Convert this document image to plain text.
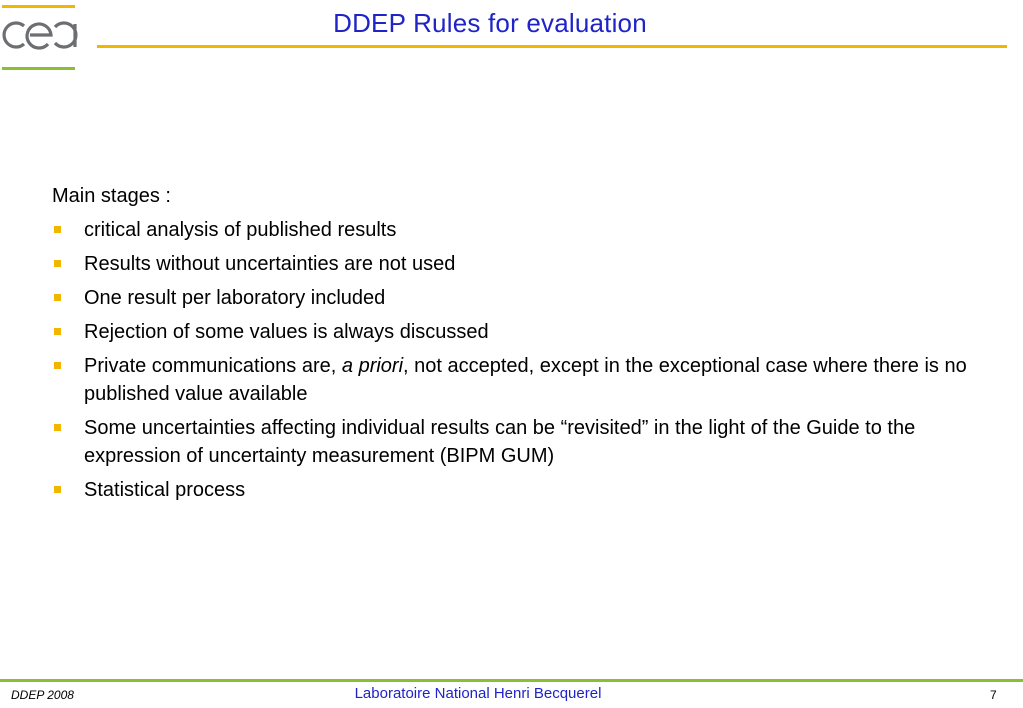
cea	DDEP Rules for evaluation

Main stages :

critical analysis of published results
Results without uncertainties are not used
One result per laboratory included
Rejection of some values is always discussed
Private communications are, a priori, not accepted, except in the exceptional case where there is no published value available
Some uncertainties affecting individual results can be “revisited” in the light of the Guide to the expression of uncertainty measurement (BIPM GUM)
Statistical process
DDEP 2008	Laboratoire National Henri Becquerel	7
